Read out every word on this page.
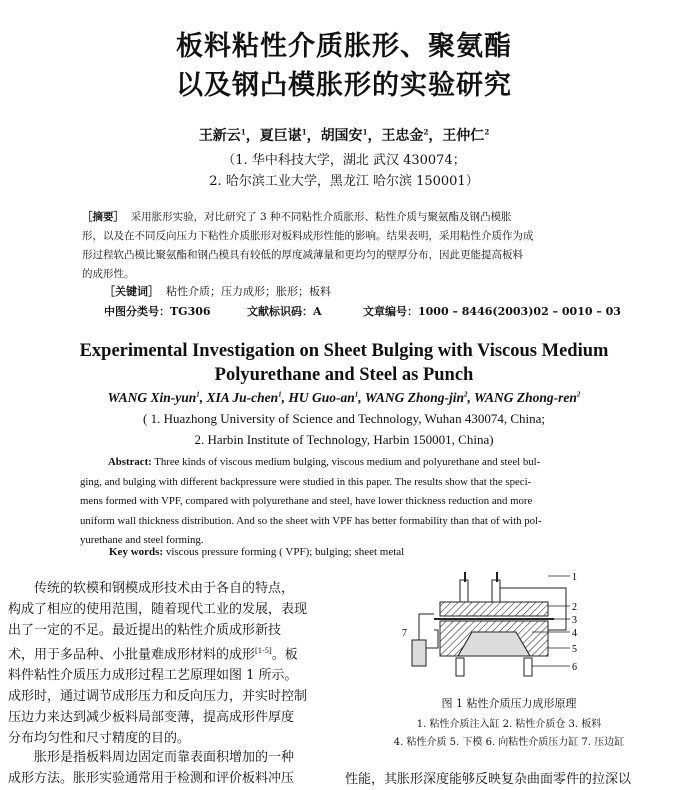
板料粘性介质胀形、聚氨酯
以及钢凸模胀形的实验研究
王新云$^1$，夏巨谌$^1$，胡国安$^1$，王忠金$^2$，王仲仁$^2$
（1. 华中科技大学，湖北 武汉 430074；
2. 哈尔滨工业大学，黑龙江 哈尔滨 150001）
［摘要］ 采用胀形实验，对比研究了 3 种不同粘性介质胀形、粘性介质与聚氨酯及钢凸模胀
形，以及在不同反向压力下粘性介质胀形对板料成形性能的影响。结果表明，采用粘性介质作为成
形过程软凸模比聚氨酯和钢凸模具有较低的厚度减薄量和更均匀的壁厚分布，因此更能提高板料
的成形性。
［关键词］ 粘性介质；压力成形；胀形；板料
中图分类号：TG306	文献标识码：A	文章编号：1000 – 8446(2003)02 – 0010 – 03
Experimental Investigation on Sheet Bulging with Viscous Medium
Polyurethane and Steel as Punch
WANG Xin-yun$^1$, XIA Ju-chen$^1$, HU Guo-$an^1$, WANG Zhong-jin$^2$, WANG Zhong-ren$^2$
( 1. Huazhong University of Science and Technology, Wuhan 430074, China;
2. Harbin Institute of Technology, Harbin 150001, China)
Abstract: Three kinds of viscous medium bulging, viscous medium and polyurethane and steel bul-
ging, and bulging with different backpressure were studied in this paper. The results show that the speci-
mens formed with VPF, compared with polyurethane and steel, have lower thickness reduction and more
uniform wall thickness distribution. And so the sheet with VPF has better formability than that of with pol-
yurethane and steel forming.
Key words: viscous pressure forming ( VPF); bulging; sheet metal
传统的软模和钢模成形技术由于各自的特点，
构成了相应的使用范围，随着现代工业的发展，表现
出了一定的不足。最近提出的粘性介质成形新技
术，用于多品种、小批量难成形材料的成形[1-5]。板
料件粘性介质压力成形过程工艺原理如图 1 所示。
成形时，通过调节成形压力和反向压力，并实时控制
压边力来达到减少板料局部变薄，提高成形件厚度
分布均匀性和尺寸精度的目的。
胀形是指板料周边固定而靠表面积增加的一种
成形方法。胀形实验通常用于检测和评价板料冲压	性能，其胀形深度能够反映复杂曲面零件的拉深以
1
2
3
4
5
6
7
图 1 粘性介质压力成形原理
1. 粘性介质注入缸 2. 粘性介质仓 3. 板料
4. 粘性介质 5. 下模 6. 向粘性介质压力缸 7. 压边缸
